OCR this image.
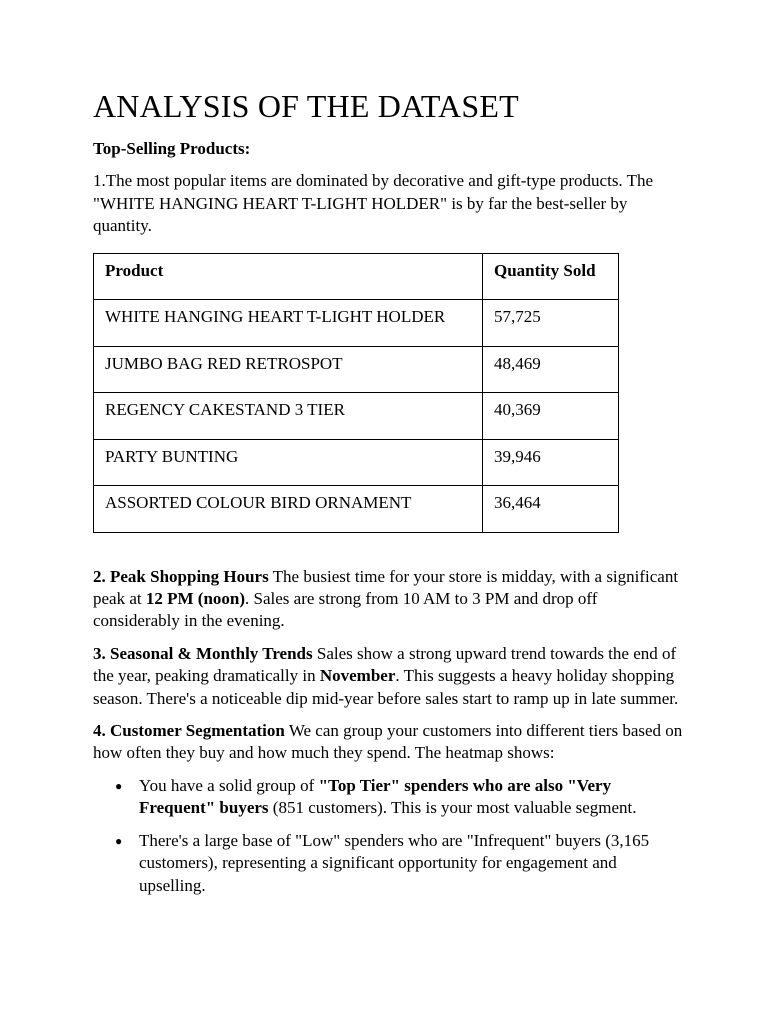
ANALYSIS OF THE DATASET

Top-Selling Products:

1.The most popular items are dominated by decorative and gift-type products. The "WHITE HANGING HEART T-LIGHT HOLDER" is by far the best-seller by quantity.

Product	Quantity Sold
WHITE HANGING HEART T-LIGHT HOLDER	57,725
JUMBO BAG RED RETROSPOT	48,469
REGENCY CAKESTAND 3 TIER	40,369
PARTY BUNTING	39,946
ASSORTED COLOUR BIRD ORNAMENT	36,464

2. Peak Shopping Hours The busiest time for your store is midday, with a significant peak at 12 PM (noon). Sales are strong from 10 AM to 3 PM and drop off considerably in the evening.

3. Seasonal & Monthly Trends Sales show a strong upward trend towards the end of the year, peaking dramatically in November. This suggests a heavy holiday shopping season. There's a noticeable dip mid-year before sales start to ramp up in late summer.

4. Customer Segmentation We can group your customers into different tiers based on how often they buy and how much they spend. The heatmap shows:

● You have a solid group of "Top Tier" spenders who are also "Very Frequent" buyers (851 customers). This is your most valuable segment.
● There's a large base of "Low" spenders who are "Infrequent" buyers (3,165 customers), representing a significant opportunity for engagement and upselling.
